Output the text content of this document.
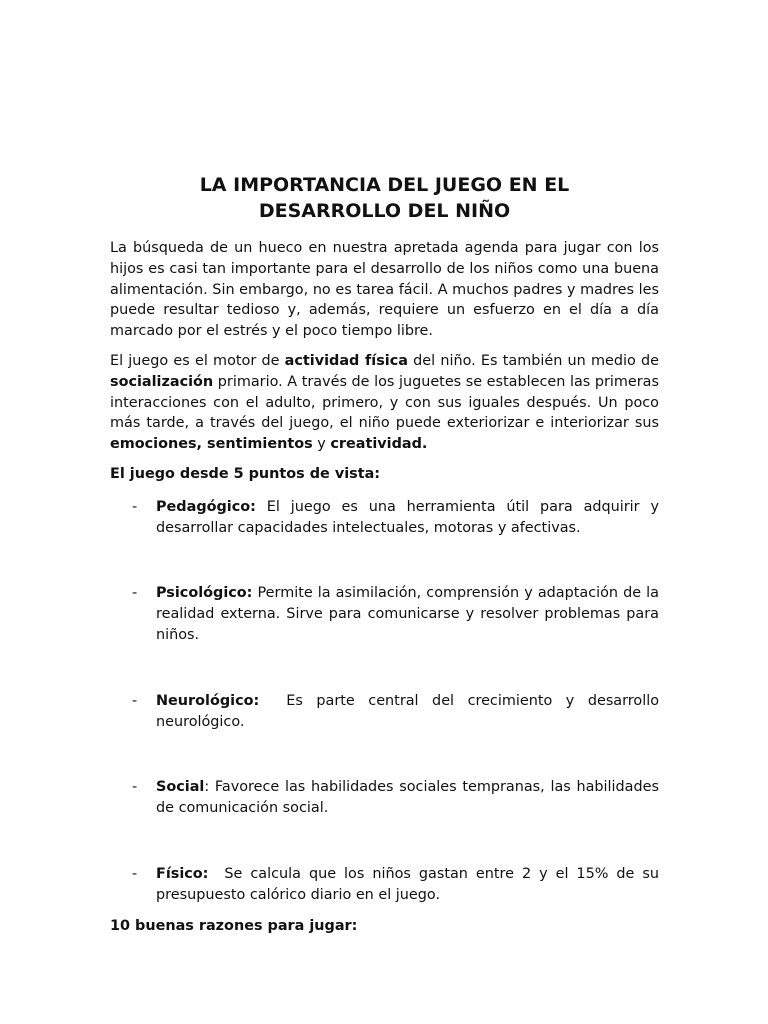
LA IMPORTANCIA DEL JUEGO EN EL
DESARROLLO DEL NIÑO

La búsqueda de un hueco en nuestra apretada agenda para jugar con los hijos es casi tan importante para el desarrollo de los niños como una buena alimentación. Sin embargo, no es tarea fácil. A muchos padres y madres les puede resultar tedioso y, además, requiere un esfuerzo en el día a día marcado por el estrés y el poco tiempo libre.

El juego es el motor de actividad física del niño. Es también un medio de socialización primario. A través de los juguetes se establecen las primeras interacciones con el adulto, primero, y con sus iguales después. Un poco más tarde, a través del juego, el niño puede exteriorizar e interiorizar sus emociones, sentimientos y creatividad.

El juego desde 5 puntos de vista:
- Pedagógico: El juego es una herramienta útil para adquirir y desarrollar capacidades intelectuales, motoras y afectivas.
- Psicológico: Permite la asimilación, comprensión y adaptación de la realidad externa. Sirve para comunicarse y resolver problemas para niños.
- Neurológico:  Es parte central del crecimiento y desarrollo neurológico.
- Social: Favorece las habilidades sociales tempranas, las habilidades de comunicación social.
- Físico:  Se calcula que los niños gastan entre 2 y el 15% de su presupuesto calórico diario en el juego.
10 buenas razones para jugar:
